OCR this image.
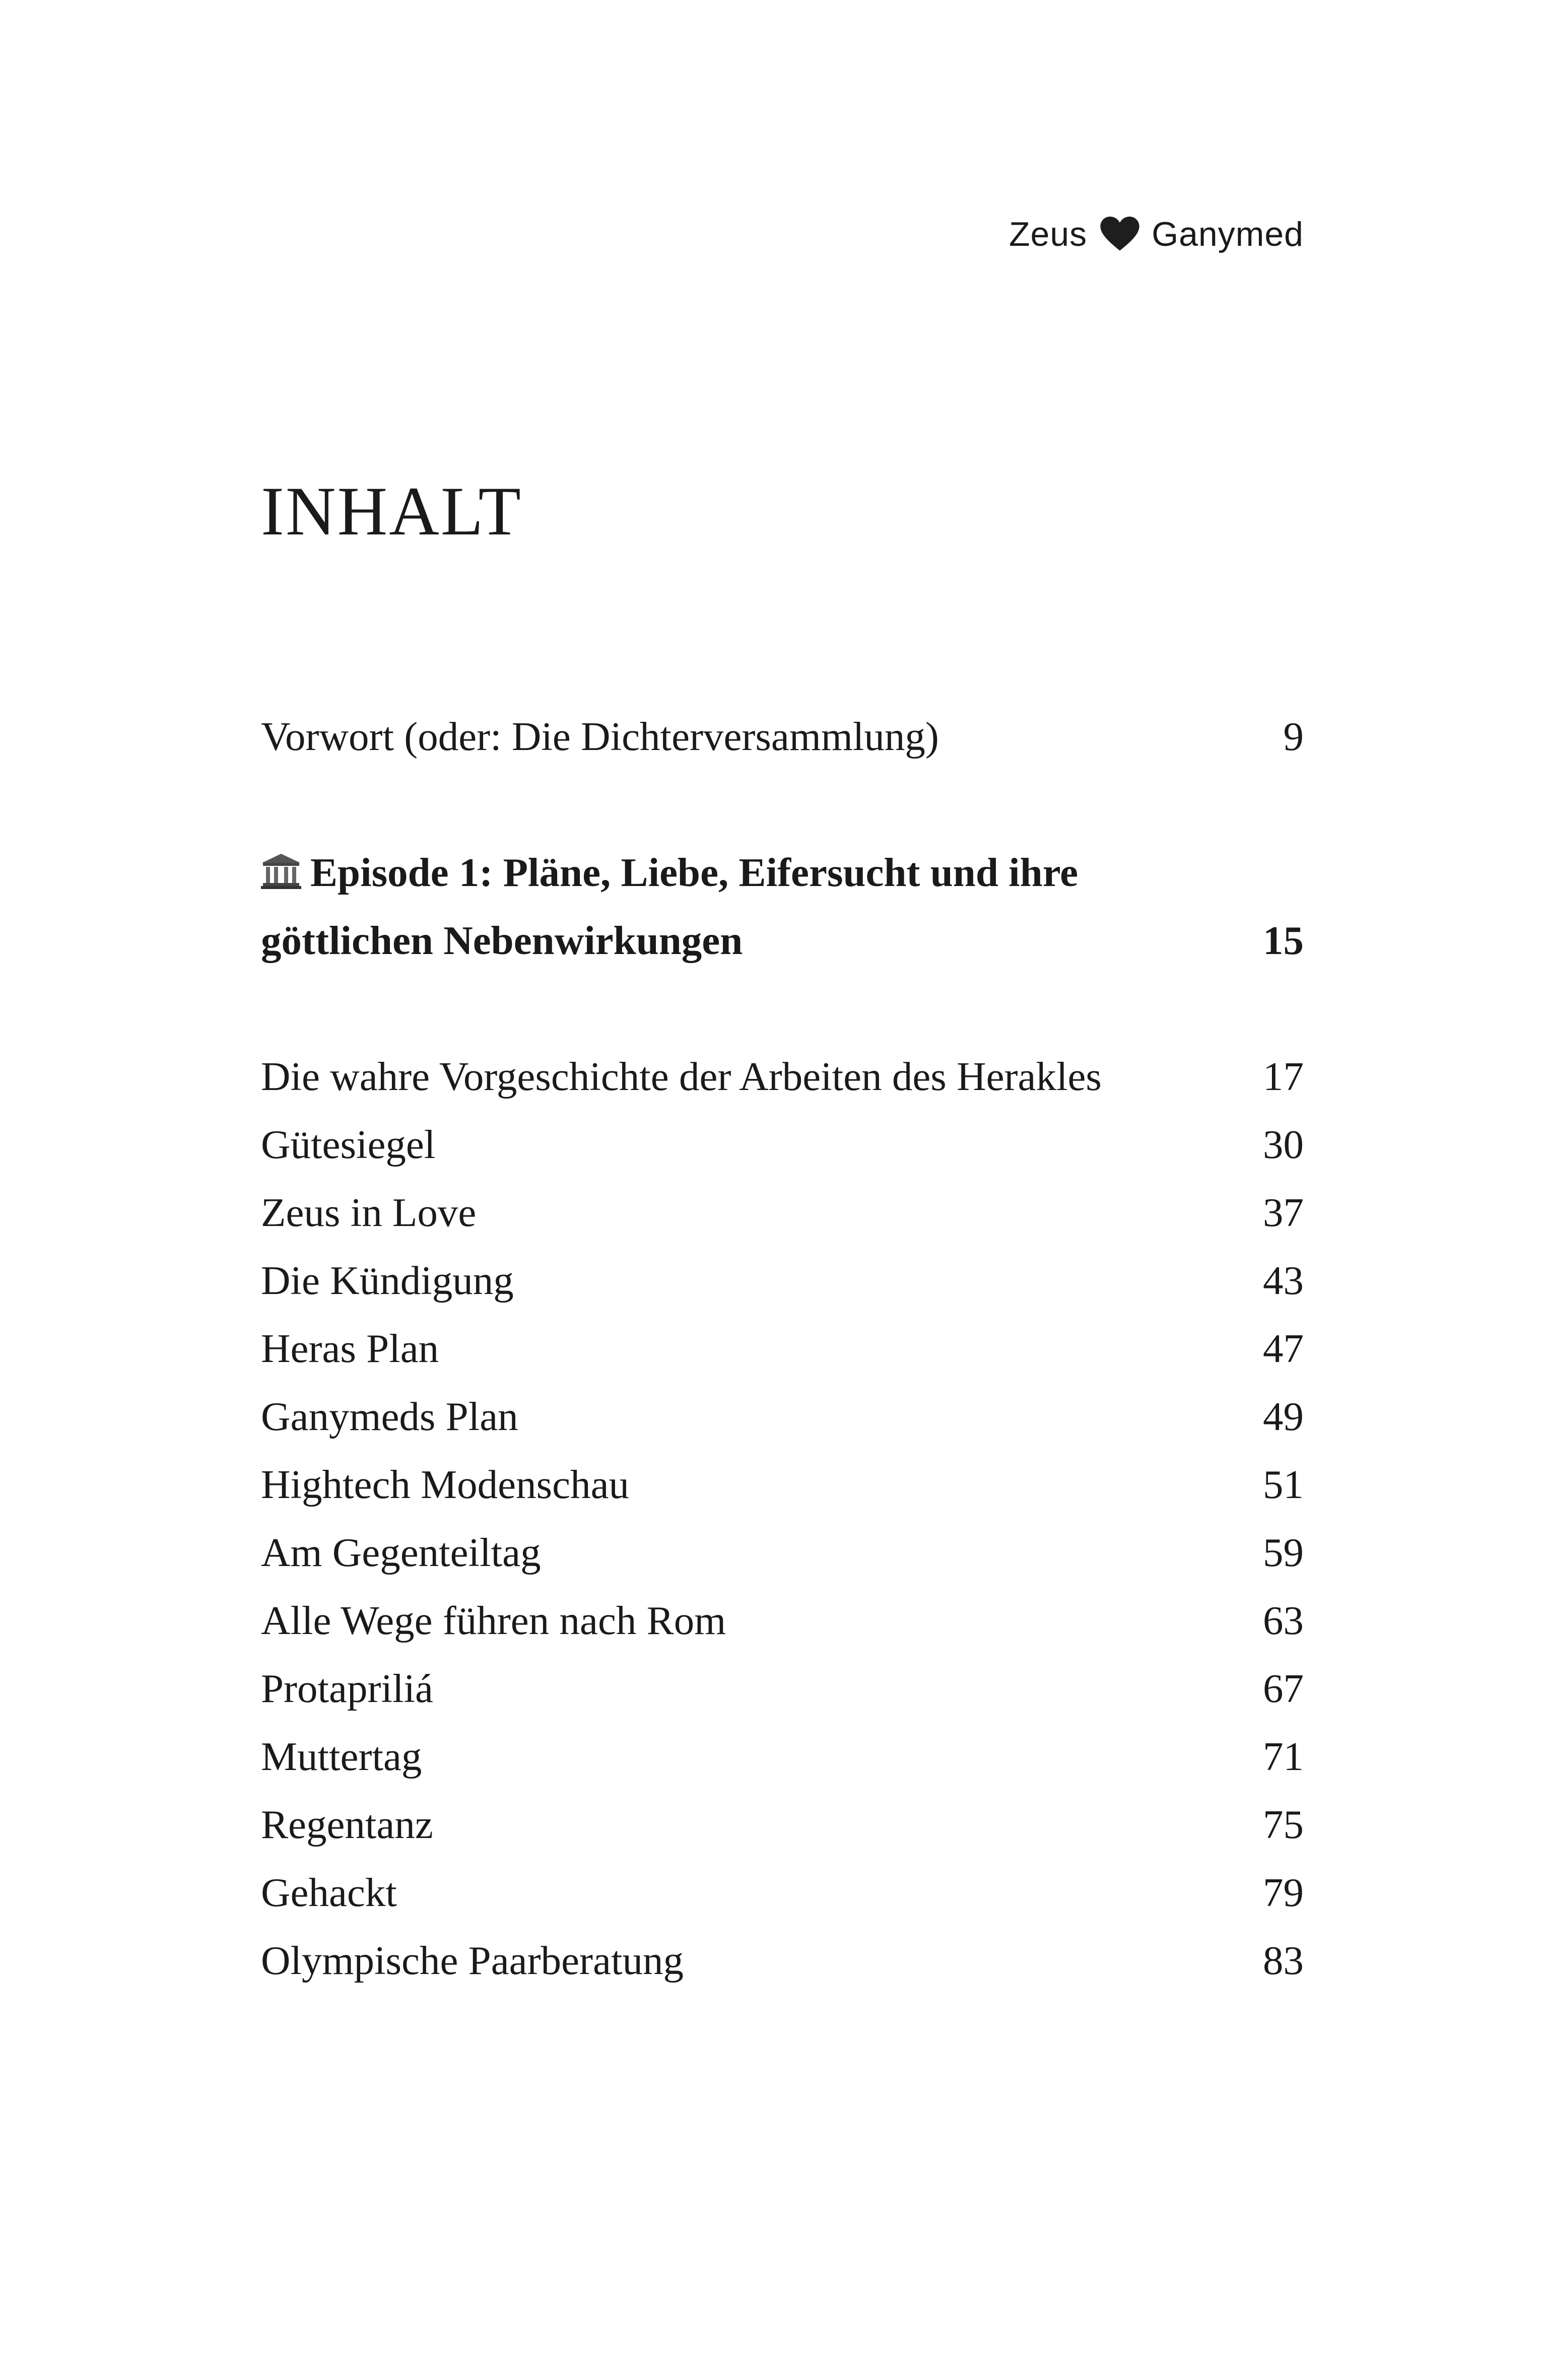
Zeus Ganymed
INHALT
Vorwort (oder: Die Dichterversammlung)	9
Episode 1: Pläne, Liebe, Eifersucht und ihre
göttlichen Nebenwirkungen	15
Die wahre Vorgeschichte der Arbeiten des Herakles	17
Gütesiegel	30
Zeus in Love	37
Die Kündigung	43
Heras Plan	47
Ganymeds Plan	49
Hightech Modenschau	51
Am Gegenteiltag	59
Alle Wege führen nach Rom	63
Protapriliá	67
Muttertag	71
Regentanz	75
Gehackt	79
Olympische Paarberatung	83
